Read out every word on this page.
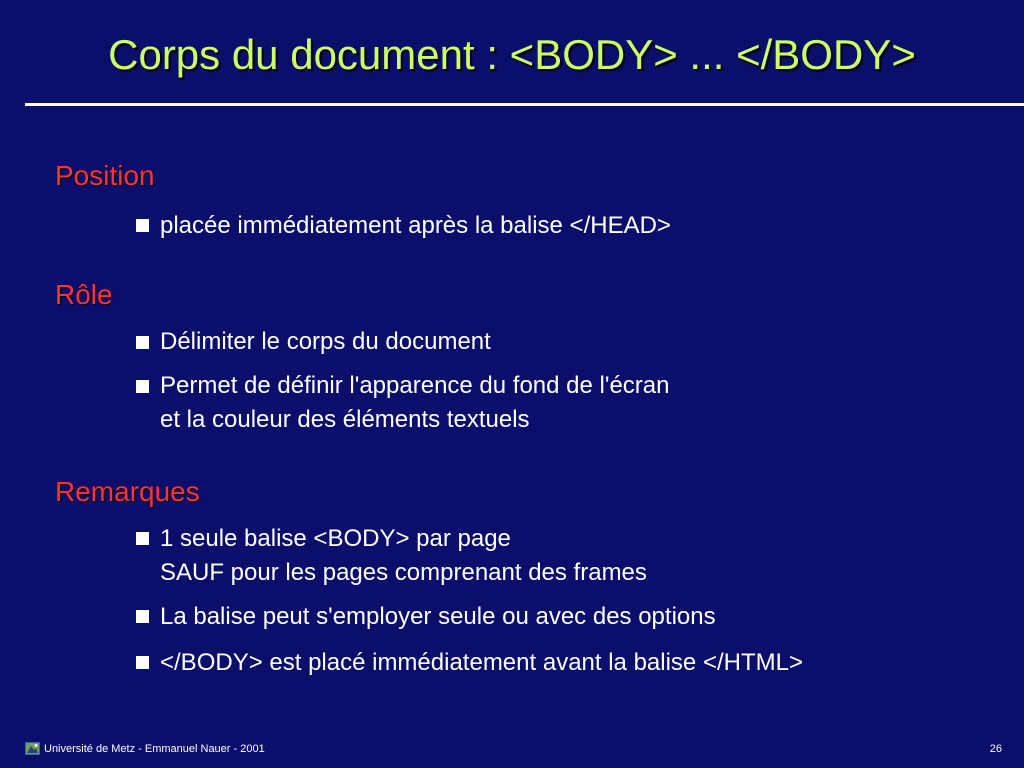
Corps du document : <BODY> ... </BODY>
Position
placée immédiatement après la balise </HEAD>
Rôle
Délimiter le corps du document
Permet de définir l'apparence du fond de l'écran
et la couleur des éléments textuels
Remarques
1 seule balise <BODY> par page
SAUF pour les pages comprenant des frames
La balise peut s'employer seule ou avec des options
</BODY> est placé immédiatement avant la balise </HTML>
Université de Metz - Emmanuel Nauer - 2001	26
